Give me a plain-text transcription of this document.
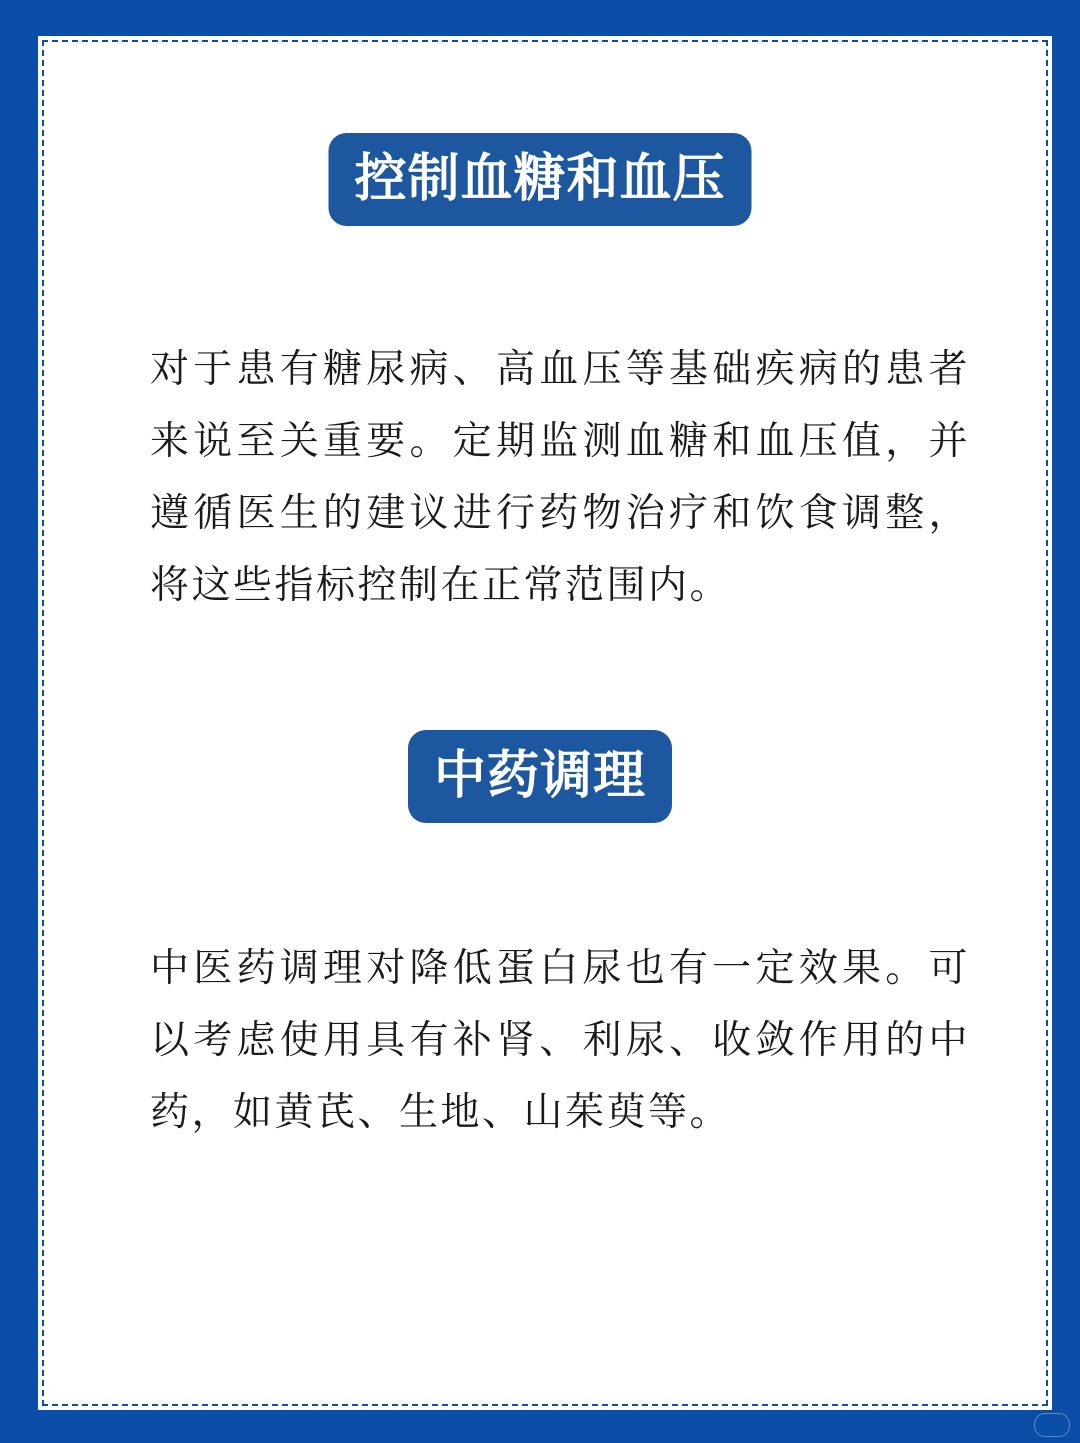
控制血糖和血压
对于患有糖尿病、高血压等基础疾病的患者来说至关重要。定期监测血糖和血压值，并遵循医生的建议进行药物治疗和饮食调整，将这些指标控制在正常范围内。
中药调理
中医药调理对降低蛋白尿也有一定效果。可以考虑使用具有补肾、利尿、收敛作用的中药，如黄芪、生地、山茱萸等。
